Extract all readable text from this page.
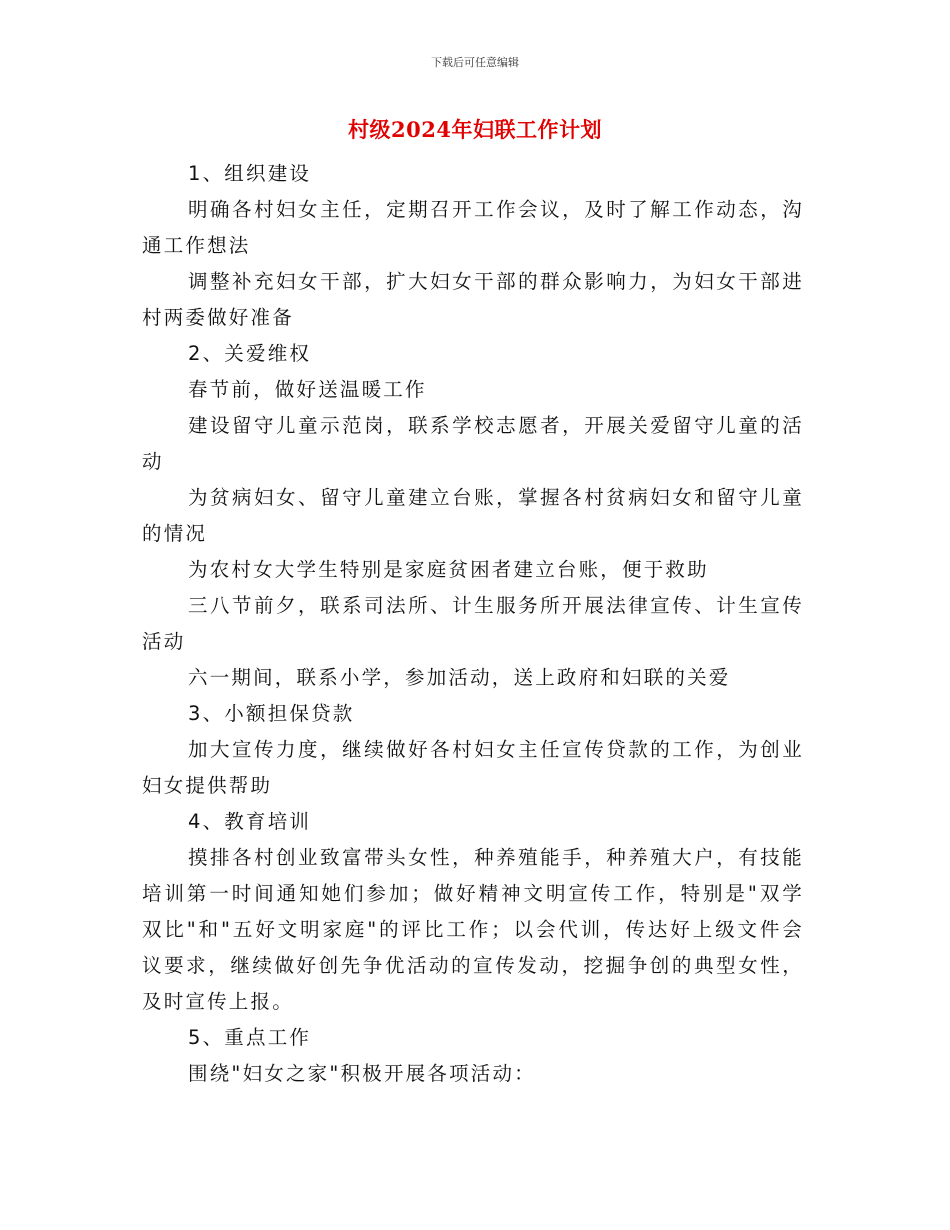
下载后可任意编辑
村级2024年妇联工作计划

1、组织建设

明确各村妇女主任，定期召开工作会议，及时了解工作动态，沟通工作想法

调整补充妇女干部，扩大妇女干部的群众影响力，为妇女干部进村两委做好准备

2、关爱维权

春节前，做好送温暖工作

建设留守儿童示范岗，联系学校志愿者，开展关爱留守儿童的活动

为贫病妇女、留守儿童建立台账，掌握各村贫病妇女和留守儿童的情况

为农村女大学生特别是家庭贫困者建立台账，便于救助

三八节前夕，联系司法所、计生服务所开展法律宣传、计生宣传活动

六一期间，联系小学，参加活动，送上政府和妇联的关爱

3、小额担保贷款

加大宣传力度，继续做好各村妇女主任宣传贷款的工作，为创业妇女提供帮助

4、教育培训

摸排各村创业致富带头女性，种养殖能手，种养殖大户，有技能培训第一时间通知她们参加；做好精神文明宣传工作，特别是"双学双比"和"五好文明家庭"的评比工作；以会代训，传达好上级文件会议要求，继续做好创先争优活动的宣传发动，挖掘争创的典型女性，及时宣传上报。

5、重点工作

围绕"妇女之家"积极开展各项活动：
